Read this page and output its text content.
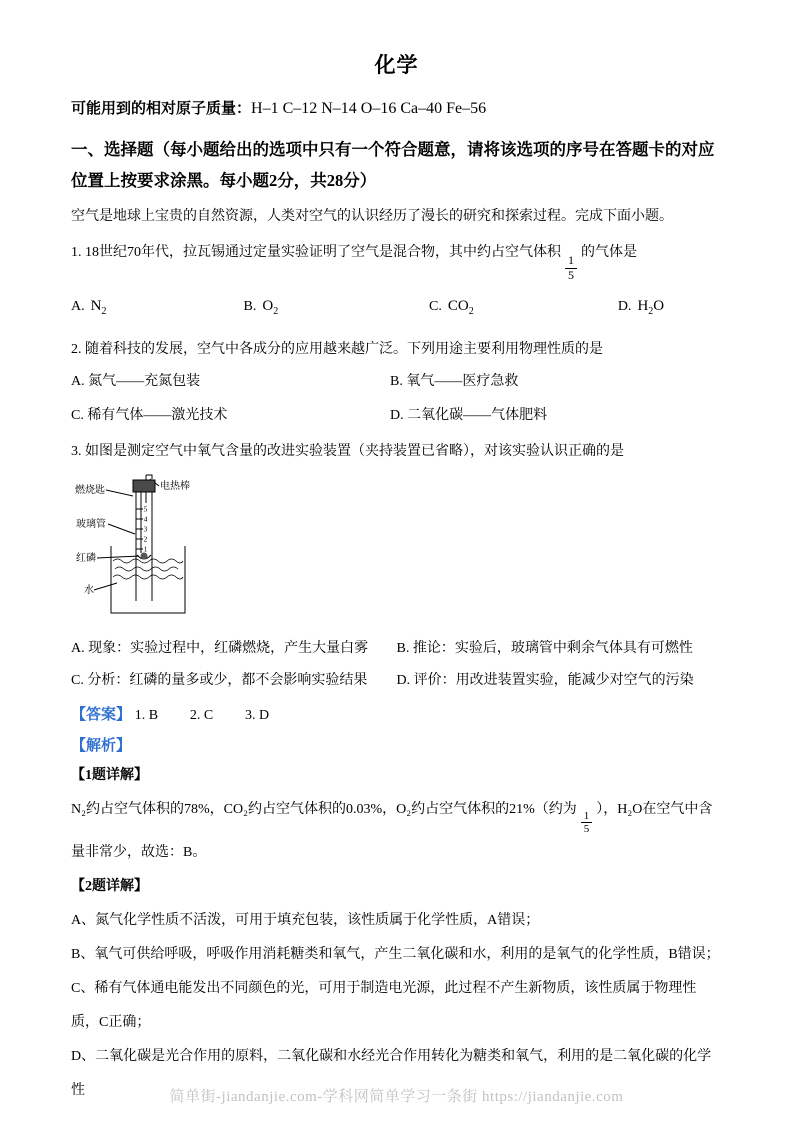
化学

可能用到的相对原子质量：H–1 C–12 N–14 O–16 Ca–40 Fe–56

一、选择题（每小题给出的选项中只有一个符合题意，请将该选项的序号在答题卡的对应位置上按要求涂黑。每小题2分，共28分）

空气是地球上宝贵的自然资源，人类对空气的认识经历了漫长的研究和探索过程。完成下面小题。

1. 18世纪70年代，拉瓦锡通过定量实验证明了空气是混合物，其中约占空气体积
$\frac{1}{5}$
的气体是

A. $N_2$	B. $O_2$	C. $CO_2$	D. $H_2O$

2. 随着科技的发展，空气中各成分的应用越来越广泛。下列用途主要利用物理性质的是

A. 氮气——充氮包装	B. 氧气——医疗急救
C. 稀有气体——激光技术	D. 二氧化碳——气体肥料

3. 如图是测定空气中氧气含量的改进实验装置（夹持装置已省略），对该实验认识正确的是

燃烧匙	电热棒
玻璃管
红磷
水
5
4
3
2
1
A. 现象：实验过程中，红磷燃烧，产生大量白雾	B. 推论：实验后，玻璃管中剩余气体具有可燃性
C. 分析：红磷的量多或少，都不会影响实验结果	D. 评价：用改进装置实验，能减少对空气的污染

【答案】 1. B 2. C 3. D

【解析】

【1题详解】

N₂约占空气体积的78%，CO₂约占空气体积的0.03%，O₂约占空气体积的21%（约为
$\frac{1}{5}$
），H₂O在空气中含量非常少，故选：B。

【2题详解】

A、氮气化学性质不活泼，可用于填充包装，该性质属于化学性质，A错误；

B、氧气可供给呼吸，呼吸作用消耗糖类和氧气，产生二氧化碳和水，利用的是氧气的化学性质，B错误；

C、稀有气体通电能发出不同颜色的光，可用于制造电光源，此过程不产生新物质，该性质属于物理性质，C正确；

D、二氧化碳是光合作用的原料，二氧化碳和水经光合作用转化为糖类和氧气，利用的是二氧化碳的化学性	简单街-jiandanjie.com-学科网简单学习一条街 https://jiandanjie.com
